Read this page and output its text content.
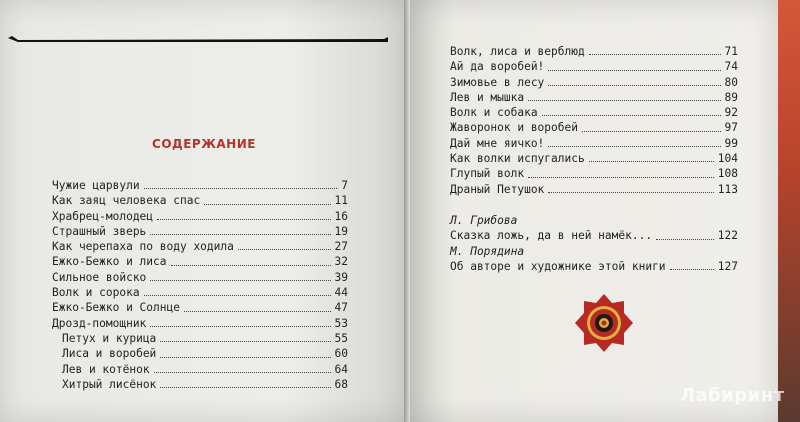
СОДЕРЖАНИЕ
Чужие царвули	7
Как заяц человека спас	11
Храбрец-молодец	16
Страшный зверь	19
Как черепаха по воду ходила	27
Ежко-Бежко и лиса	32
Сильное войско	39
Волк и сорока	44
Ежко-Бежко и Солнце	47
Дрозд-помощник	53
Петух и курица	55
Лиса и воробей	60
Лев и котёнок	64
Хитрый лисёнок	68
Волк, лиса и верблюд	71
Ай да воробей!	74
Зимовье в лесу	80
Лев и мышка	89
Волк и собака	92
Жаворонок и воробей	97
Дай мне яичко!	99
Как волки испугались	104
Глупый волк	108
Драный Петушок	113
Л. Грибова
Сказка ложь, да в ней намёк...	122
М. Порядина
Об авторе и художнике этой книги	127
Лабиринт
